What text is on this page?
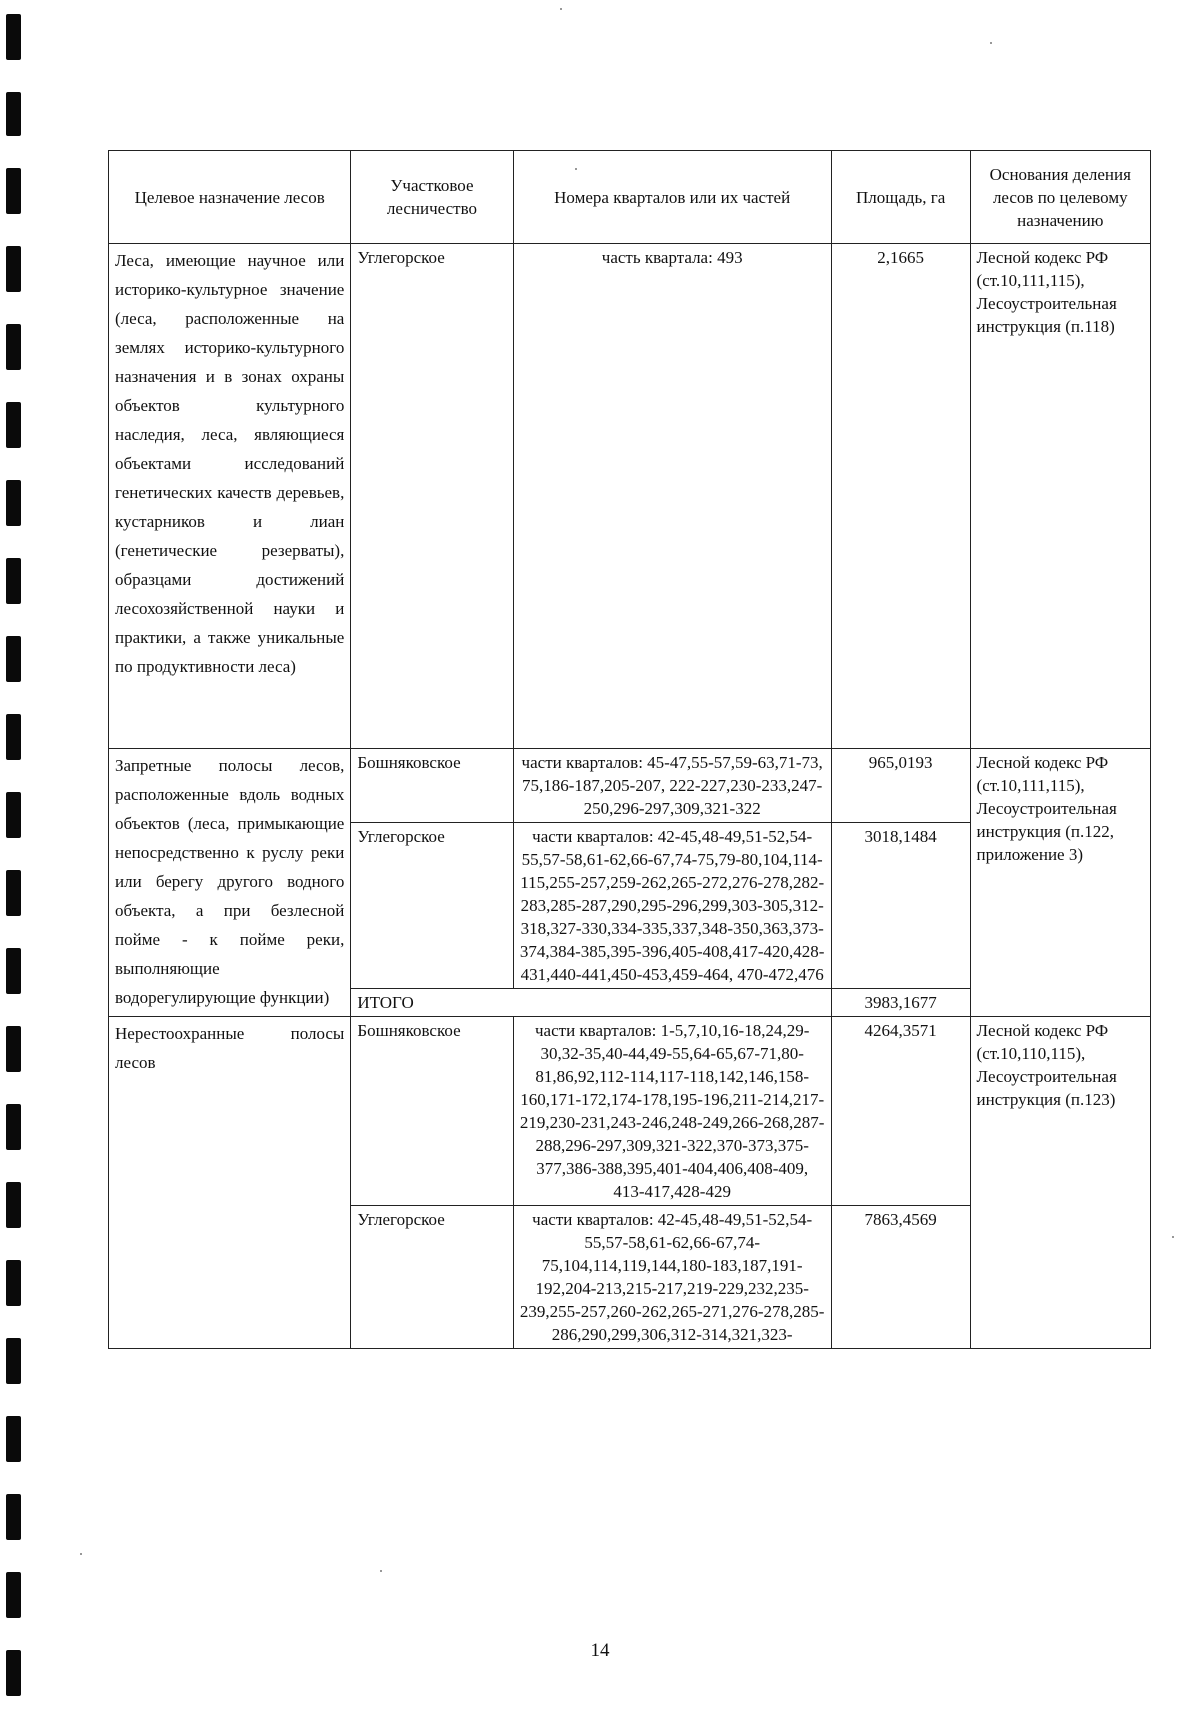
Целевое назначение лесов	Участковое лесничество	Номера кварталов или их частей	Площадь, га	Основания деления лесов по целевому назначению
Леса, имеющие научное или историко-культурное значение (леса, расположенные на землях историко-культурного назначения и в зонах охраны объектов культурного наследия, леса, являющиеся объектами исследований генетических качеств деревьев, кустарников и лиан (генетические резерваты), образцами достижений лесохозяйственной науки и практики, а также уникальные по продуктивности леса)	Углегорское	часть квартала: 493	2,1665	Лесной кодекс РФ (ст.10,111,115), Лесоустроительная инструкция (п.118)
Запретные полосы лесов, расположенные вдоль водных объектов (леса, примыкающие непосредственно к руслу реки или берегу другого водного объекта, а при безлесной пойме - к пойме реки, выполняющие водорегулирующие функции)	Бошняковское	части кварталов: 45-47,55-57,59-63,71-73, 75,186-187,205-207, 222-227,230-233,247-250,296-297,309,321-322	965,0193	Лесной кодекс РФ (ст.10,111,115), Лесоустроительная инструкция (п.122, приложение 3)
	Углегорское	части кварталов: 42-45,48-49,51-52,54-55,57-58,61-62,66-67,74-75,79-80,104,114-115,255-257,259-262,265-272,276-278,282-283,285-287,290,295-296,299,303-305,312-318,327-330,334-335,337,348-350,363,373-374,384-385,395-396,405-408,417-420,428-431,440-441,450-453,459-464, 470-472,476	3018,1484	
	ИТОГО		3983,1677	
Нерестоохранные полосы лесов	Бошняковское	части кварталов: 1-5,7,10,16-18,24,29-30,32-35,40-44,49-55,64-65,67-71,80-81,86,92,112-114,117-118,142,146,158-160,171-172,174-178,195-196,211-214,217-219,230-231,243-246,248-249,266-268,287-288,296-297,309,321-322,370-373,375-377,386-388,395,401-404,406,408-409, 413-417,428-429	4264,3571	Лесной кодекс РФ (ст.10,110,115), Лесоустроительная инструкция (п.123)
	Углегорское	части кварталов: 42-45,48-49,51-52,54-55,57-58,61-62,66-67,74-75,104,114,119,144,180-183,187,191-192,204-213,215-217,219-229,232,235-239,255-257,260-262,265-271,276-278,285-286,290,299,306,312-314,321,323-	7863,4569	
14
